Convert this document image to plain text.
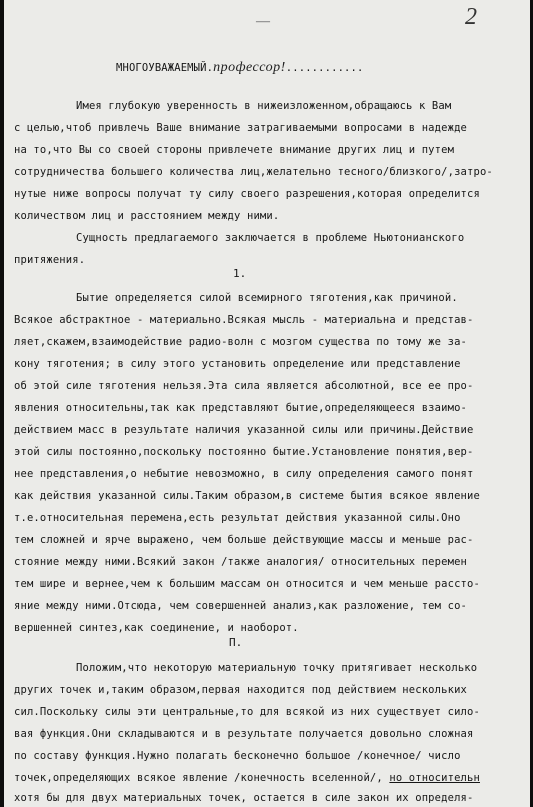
—	2
МНОГОУВАЖАЕМЫЙ.профессор!............
Имея глубокую уверенность в нижеизложенном,обращаюсь к Вам
с целью,чтоб привлечь Ваше внимание затрагиваемыми вопросами в надежде
на то,что Вы со своей стороны привлечете внимание других лиц и путем
сотрудничества большего количества лиц,желательно тесного/близкого/,затро-
нутые ниже вопросы получат ту силу своего разрешения,которая определится
количеством лиц и расстоянием между ними.
Сущность предлагаемого заключается в проблеме Ньютонианского
притяжения.
1.
Бытие определяется силой всемирного тяготения,как причиной.
Всякое абстрактное - материально.Всякая мысль - материальна и представ-
ляет,скажем,взаимодействие радио-волн с мозгом существа по тому же за-
кону тяготения; в силу этого установить определение или представление
об этой силе тяготения нельзя.Эта сила является абсолютной, все ее про-
явления относительны,так как представляют бытие,определяющееся взаимо-
действием масс в результате наличия указанной силы или причины.Действие
этой силы постоянно,поскольку постоянно бытие.Установление понятия,вер-
нее представления,о небытие невозможно, в силу определения самого понят
как действия указанной силы.Таким образом,в системе бытия всякое явление
т.е.относительная перемена,есть результат действия указанной силы.Оно
тем сложней и ярче выражено, чем больше действующие массы и меньше рас-
стояние между ними.Всякий закон /также аналогия/ относительных перемен
тем шире и вернее,чем к большим массам он относится и чем меньше рассто-
яние между ними.Отсюда, чем совершенней анализ,как разложение, тем со-
вершенней синтез,как соединение, и наоборот.
П.
Положим,что некоторую материальную точку притягивает несколько
других точек и,таким образом,первая находится под действием нескольких
сил.Поскольку силы эти центральные,то для всякой из них существует сило-
вая функция.Они складываются и в результате получается довольно сложная
по составу функция.Нужно полагать бесконечно большое /конечное/ число
точек,определяющих всякое явление /конечность вселенной/, но относительн
хотя бы для двух материальных точек, остается в силе закон их определя-
